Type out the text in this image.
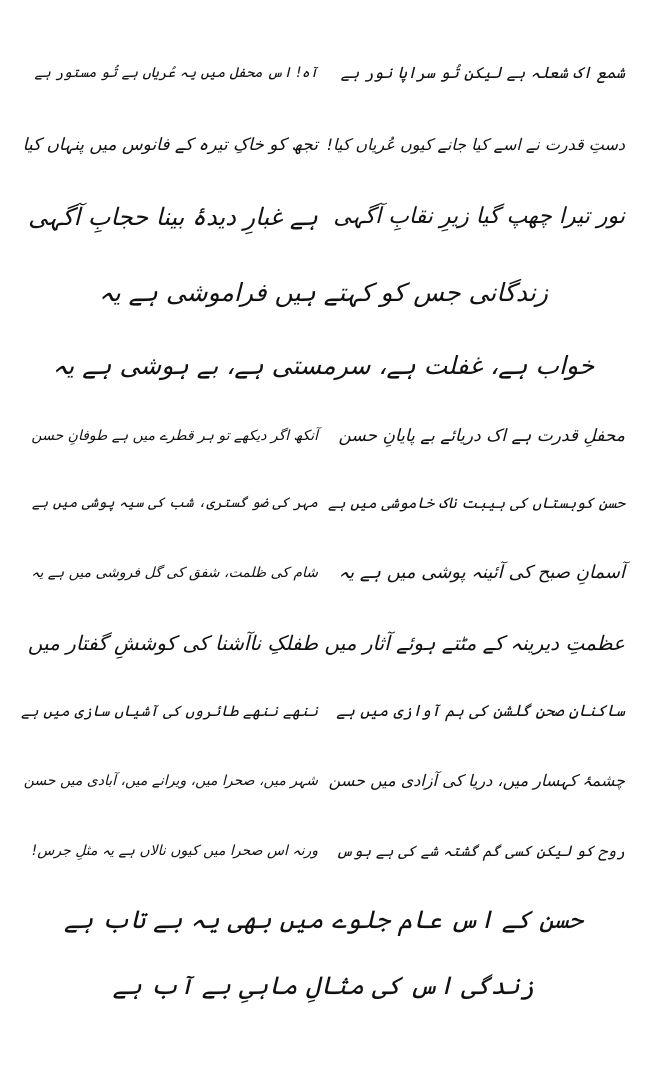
شمع اک شعلہ ہے لیکن تُو سراپا نور ہے
آہ! اس محفل میں یہ عُریاں ہے تُو مستور ہے
دستِ قدرت نے اسے کیا جانے کیوں عُریاں کیا!
تجھ کو خاکِ تیرہ کے فانوس میں پنہاں کیا
نور تیرا چھپ گیا زیرِ نقابِ آگہی
ہے غبارِ دیدۂ بینا حجابِ آگہی
زندگانی جس کو کہتے ہیں فراموشی ہے یہ
خواب ہے، غفلت ہے، سرمستی ہے، بے ہوشی ہے یہ
محفلِ قدرت ہے اک دریائے بے پایانِ حسن
آنکھ اگر دیکھے تو ہر قطرے میں ہے طوفانِ حسن
حسن کوہستاں کی ہیبت ناک خاموشی میں ہے
مہر کی ضو گستری، شب کی سیہ پوشی میں ہے
آسمانِ صبح کی آئینہ پوشی میں ہے یہ
شام کی ظلمت، شفق کی گل فروشی میں ہے یہ
عظمتِ دیرینہ کے مٹتے ہوئے آثار میں
طفلکِ ناآشنا کی کوششِ گفتار میں
ساکنانِ صحنِ گلشن کی ہم آوازی میں ہے
ننھے ننھے طائروں کی آشیاں سازی میں ہے
چشمۂ کہسار میں، دریا کی آزادی میں حسن
شہر میں، صحرا میں، ویرانے میں، آبادی میں حسن
روح کو لیکن کسی گم گشتہ شے کی ہے ہوس
ورنہ اس صحرا میں کیوں نالاں ہے یہ مثلِ جرس!
حسن کے اس عام جلوے میں بھی یہ بے تاب ہے
زندگی اس کی مثالِ ماہیِ بے آب ہے
